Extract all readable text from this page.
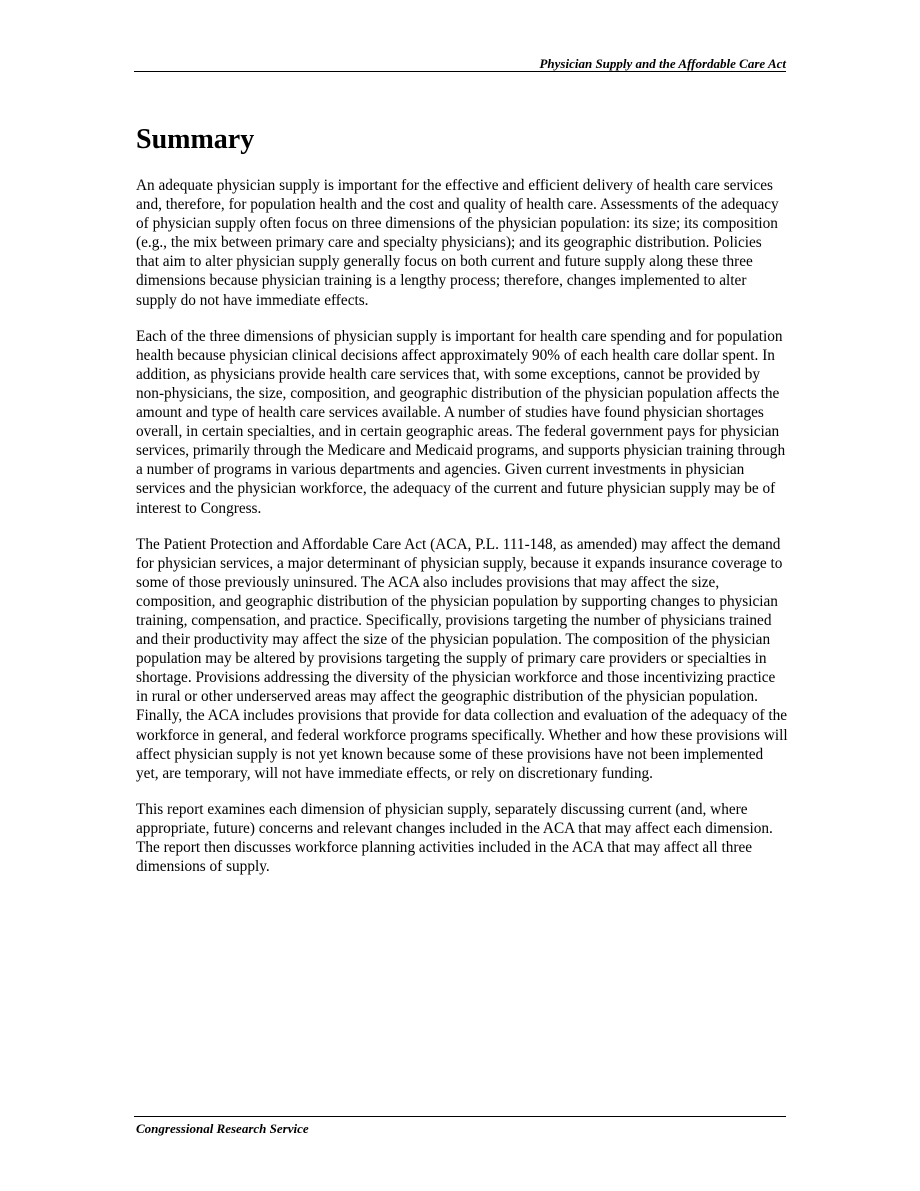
Physician Supply and the Affordable Care Act
Summary

An adequate physician supply is important for the effective and efficient delivery of health care services and, therefore, for population health and the cost and quality of health care. Assessments of the adequacy of physician supply often focus on three dimensions of the physician population: its size; its composition (e.g., the mix between primary care and specialty physicians); and its geographic distribution. Policies that aim to alter physician supply generally focus on both current and future supply along these three dimensions because physician training is a lengthy process; therefore, changes implemented to alter supply do not have immediate effects.

Each of the three dimensions of physician supply is important for health care spending and for population health because physician clinical decisions affect approximately 90% of each health care dollar spent. In addition, as physicians provide health care services that, with some exceptions, cannot be provided by non-physicians, the size, composition, and geographic distribution of the physician population affects the amount and type of health care services available. A number of studies have found physician shortages overall, in certain specialties, and in certain geographic areas. The federal government pays for physician services, primarily through the Medicare and Medicaid programs, and supports physician training through a number of programs in various departments and agencies. Given current investments in physician services and the physician workforce, the adequacy of the current and future physician supply may be of interest to Congress.

The Patient Protection and Affordable Care Act (ACA, P.L. 111-148, as amended) may affect the demand for physician services, a major determinant of physician supply, because it expands insurance coverage to some of those previously uninsured. The ACA also includes provisions that may affect the size, composition, and geographic distribution of the physician population by supporting changes to physician training, compensation, and practice. Specifically, provisions targeting the number of physicians trained and their productivity may affect the size of the physician population. The composition of the physician population may be altered by provisions targeting the supply of primary care providers or specialties in shortage. Provisions addressing the diversity of the physician workforce and those incentivizing practice in rural or other underserved areas may affect the geographic distribution of the physician population. Finally, the ACA includes provisions that provide for data collection and evaluation of the adequacy of the workforce in general, and federal workforce programs specifically. Whether and how these provisions will affect physician supply is not yet known because some of these provisions have not been implemented yet, are temporary, will not have immediate effects, or rely on discretionary funding.

This report examines each dimension of physician supply, separately discussing current (and, where appropriate, future) concerns and relevant changes included in the ACA that may affect each dimension. The report then discusses workforce planning activities included in the ACA that may affect all three dimensions of supply.

Congressional Research Service
